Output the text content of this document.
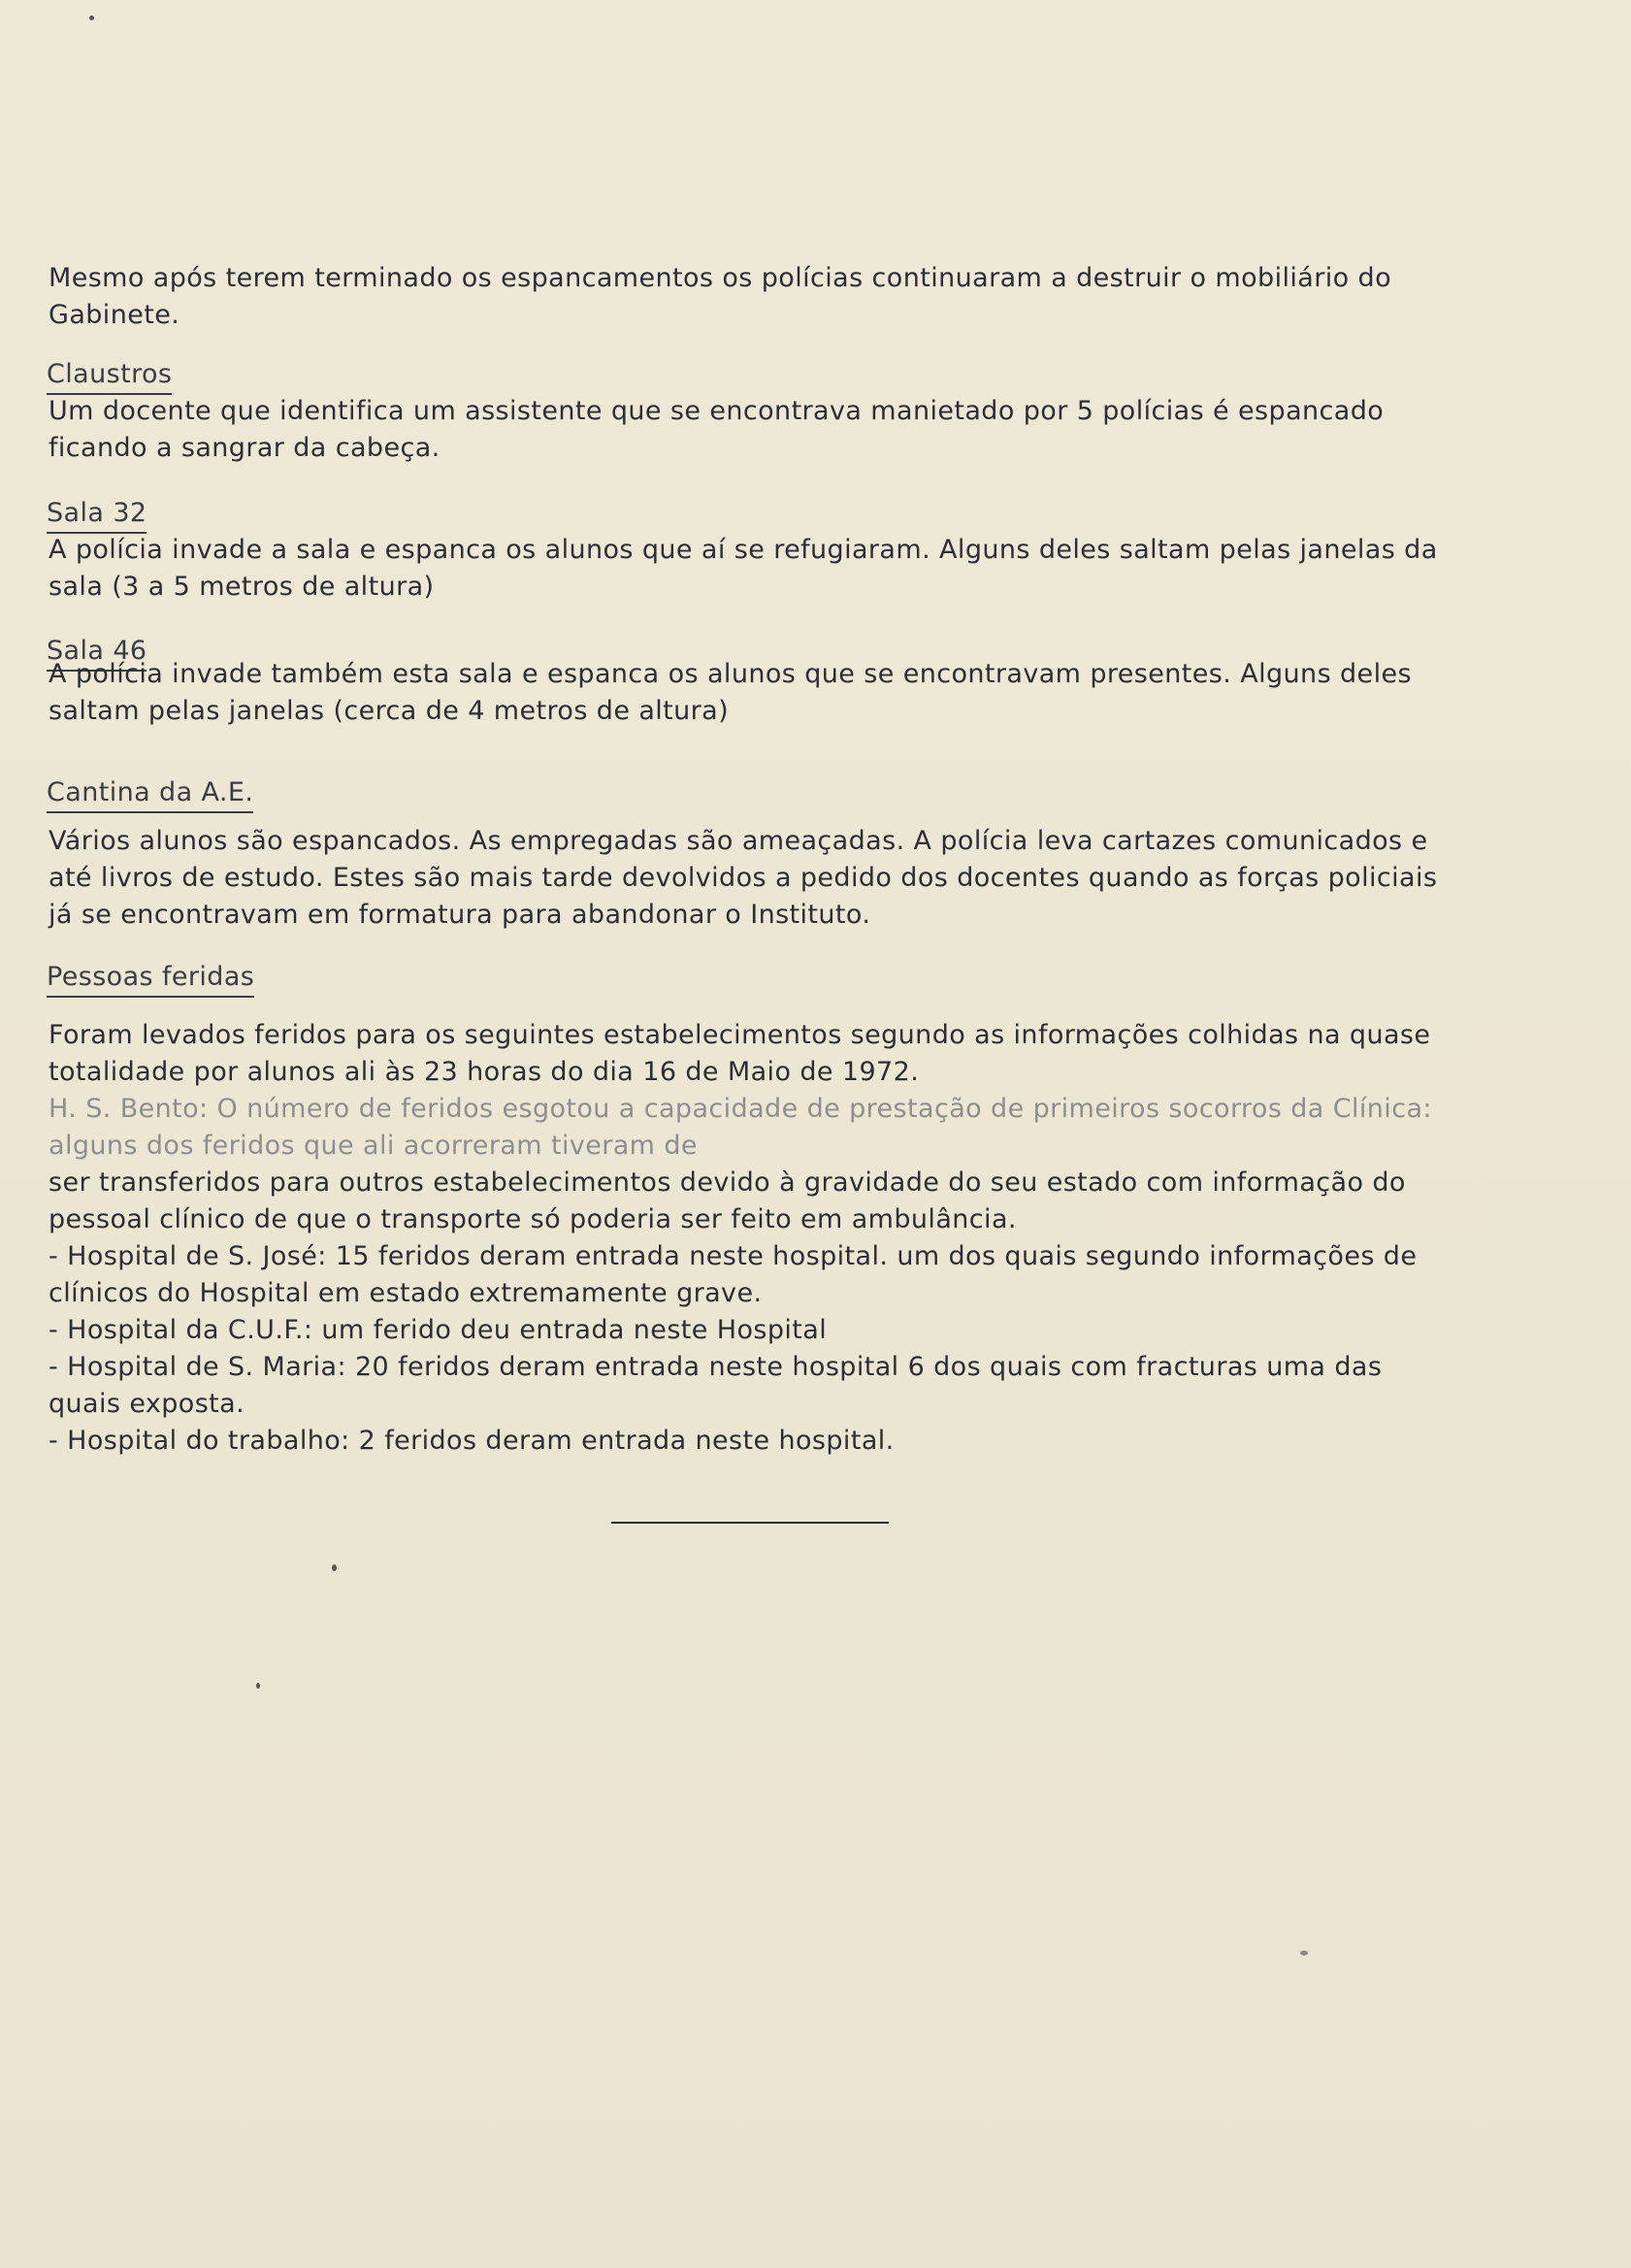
Mesmo após terem terminado os espancamentos os polícias continuaram a destruir o mobiliário do Gabinete.

Claustros

Um docente que identifica um assistente que se encontrava manietado por 5 polícias é espancado ficando a sangrar da cabeça.

Sala 32

A polícia invade a sala e espanca os alunos que aí se refugiaram. Alguns deles saltam pelas janelas da sala (3 a 5 metros de altura)

Sala 46

A polícia invade também esta sala e espanca os alunos que se encontravam presentes. Alguns deles saltam pelas janelas (cerca de 4 metros de altura)

Cantina da A.E.

Vários alunos são espancados. As empregadas são ameaçadas. A polícia leva cartazes comunicados e até livros de estudo. Estes são mais tarde devolvidos a pedido dos docentes quando as forças policiais já se encontravam em formatura para abandonar o Instituto.

Pessoas feridas

Foram levados feridos para os seguintes estabelecimentos segundo as informações colhidas na quase totalidade por alunos ali às 23 horas do dia 16 de Maio de 1972.

H. S. Bento: O número de feridos esgotou a capacidade de prestação de primeiros socorros da Clínica: alguns dos feridos que ali acorreram tiveram de

ser transferidos para outros estabelecimentos devido à gravidade do seu estado com informação do pessoal clínico de que o transporte só poderia ser feito em ambulância.

- Hospital de S. José: 15 feridos deram entrada neste hospital. um dos quais segundo informações de clínicos do Hospital em estado extremamente grave.

- Hospital da C.U.F.: um ferido deu entrada neste Hospital

- Hospital de S. Maria: 20 feridos deram entrada neste hospital 6 dos quais com fracturas uma das quais exposta.

- Hospital do trabalho: 2 feridos deram entrada neste hospital.
